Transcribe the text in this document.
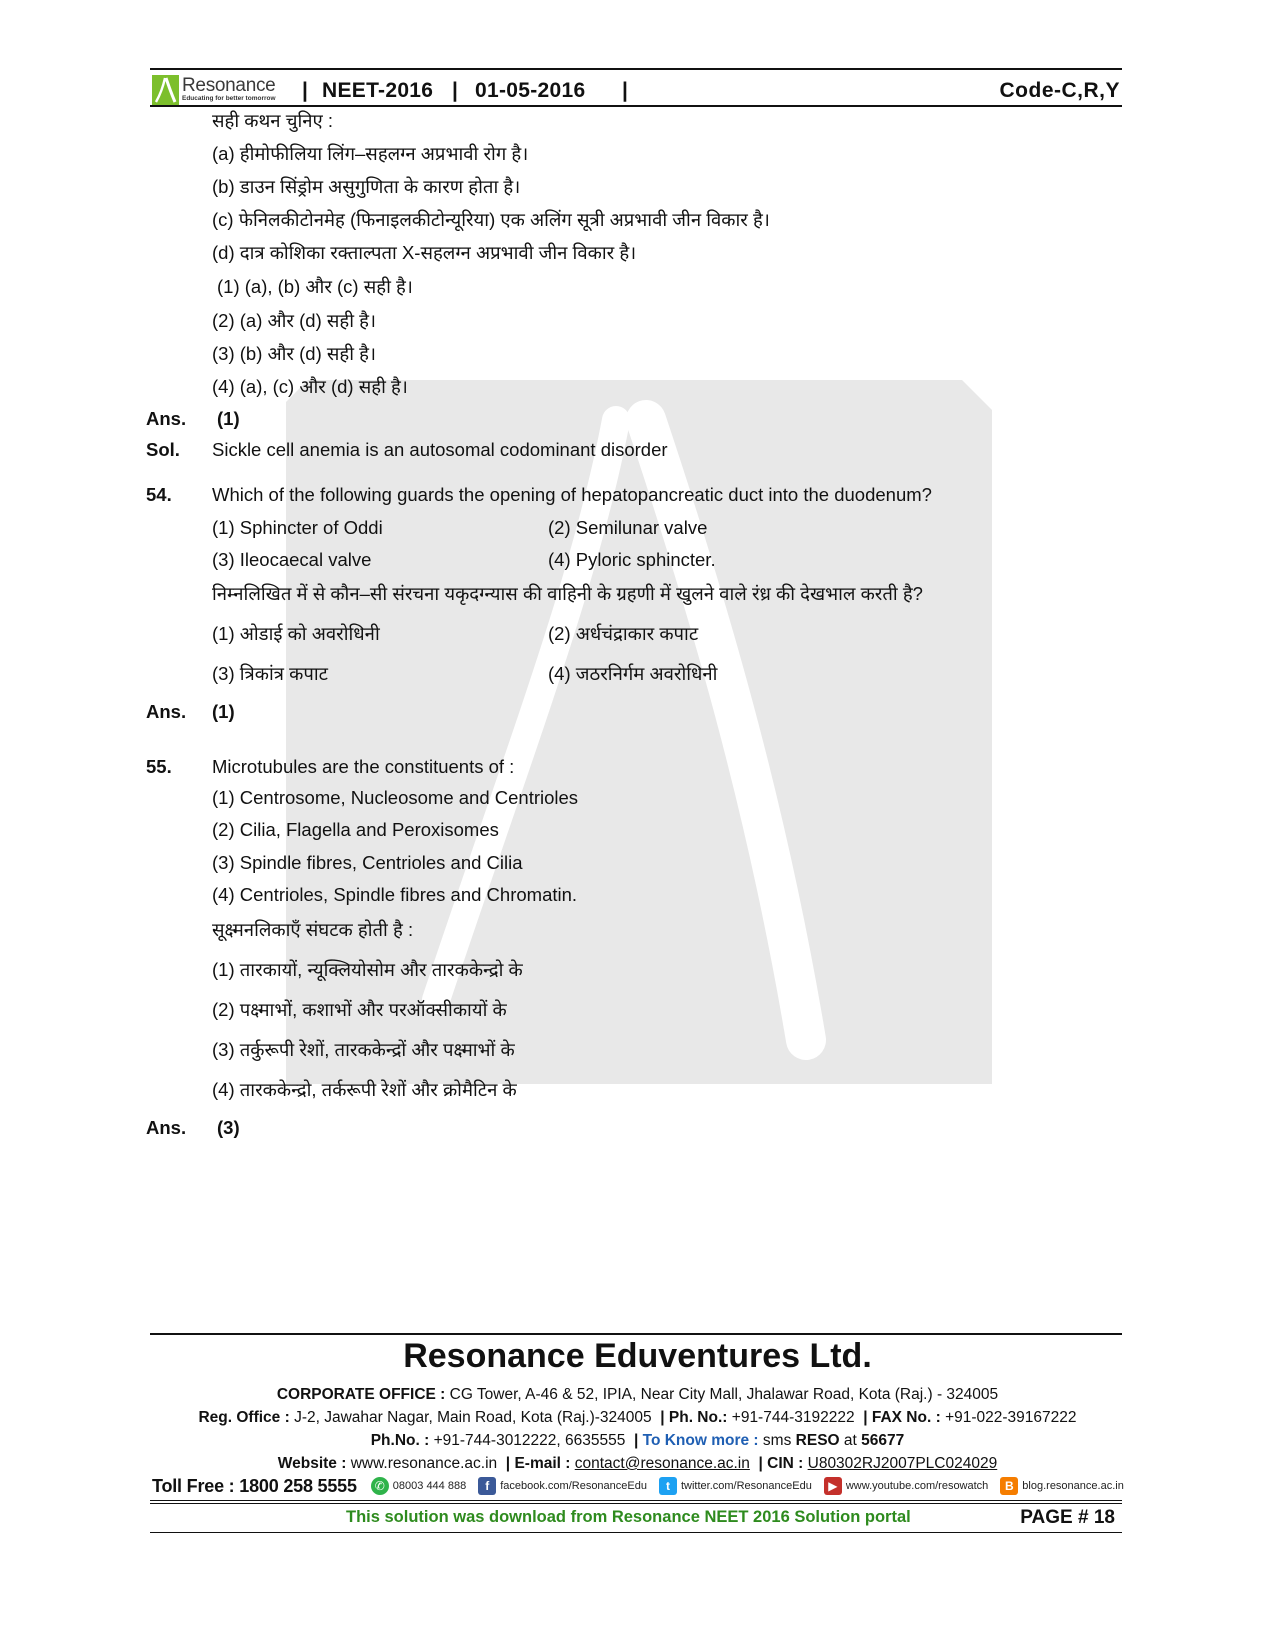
Resonance
Educating for better tomorrow | NEET-2016 | 01-05-2016 |	Code-C,R,Y
सही कथन चुनिए :
(a) हीमोफीलिया लिंग–सहलग्न अप्रभावी रोग है।
(b) डाउन सिंड्रोम असुगुणिता के कारण होता है।
(c) फेनिलकीटोनमेह (फिनाइलकीटोन्यूरिया) एक अलिंग सूत्री अप्रभावी जीन विकार है।
(d) दात्र कोशिका रक्ताल्पता X-सहलग्न अप्रभावी जीन विकार है।
(1) (a), (b) और (c) सही है।
(2) (a) और (d) सही है।
(3) (b) और (d) सही है।
(4) (a), (c) और (d) सही है।
Ans. (1)
Sol. Sickle cell anemia is an autosomal codominant disorder
54. Which of the following guards the opening of hepatopancreatic duct into the duodenum?
(1) Sphincter of Oddi	(2) Semilunar valve
(3) Ileocaecal valve	(4) Pyloric sphincter.
निम्नलिखित में से कौन–सी संरचना यकृदग्न्यास की वाहिनी के ग्रहणी में खुलने वाले रंध्र की देखभाल करती है?
(1) ओडाई को अवरोधिनी	(2) अर्धचंद्राकार कपाट
(3) त्रिकांत्र कपाट	(4) जठरनिर्गम अवरोधिनी
Ans. (1)
55. Microtubules are the constituents of :
(1) Centrosome, Nucleosome and Centrioles
(2) Cilia, Flagella and Peroxisomes
(3) Spindle fibres, Centrioles and Cilia
(4) Centrioles, Spindle fibres and Chromatin.
सूक्ष्मनलिकाएँ संघटक होती है :
(1) तारकायों, न्यूक्लियोसोम और तारककेन्द्रो के
(2) पक्ष्माभों, कशाभों और परऑक्सीकायों के
(3) तर्कुरूपी रेशों, तारककेन्द्रों और पक्ष्माभों के
(4) तारककेन्द्रो, तर्करूपी रेशों और क्रोमैटिन के
Ans. (3)
Resonance Eduventures Ltd.
CORPORATE OFFICE : CG Tower, A-46 & 52, IPIA, Near City Mall, Jhalawar Road, Kota (Raj.) - 324005
Reg. Office : J-2, Jawahar Nagar, Main Road, Kota (Raj.)-324005  | Ph. No.: +91-744-3192222  | FAX No. : +91-022-39167222
Ph.No. : +91-744-3012222, 6635555  | To Know more : sms RESO at 56677
Website : www.resonance.ac.in  | E-mail : contact@resonance.ac.in  | CIN : U80302RJ2007PLC024029
Toll Free : 1800 258 5555	✆ 08003 444 888	f	facebook.com/ResonanceEdu	t	twitter.com/ResonanceEdu	▶ www.youtube.com/resowatch	B blog.resonance.ac.in
This solution was download from Resonance NEET 2016 Solution portal	PAGE # 18
